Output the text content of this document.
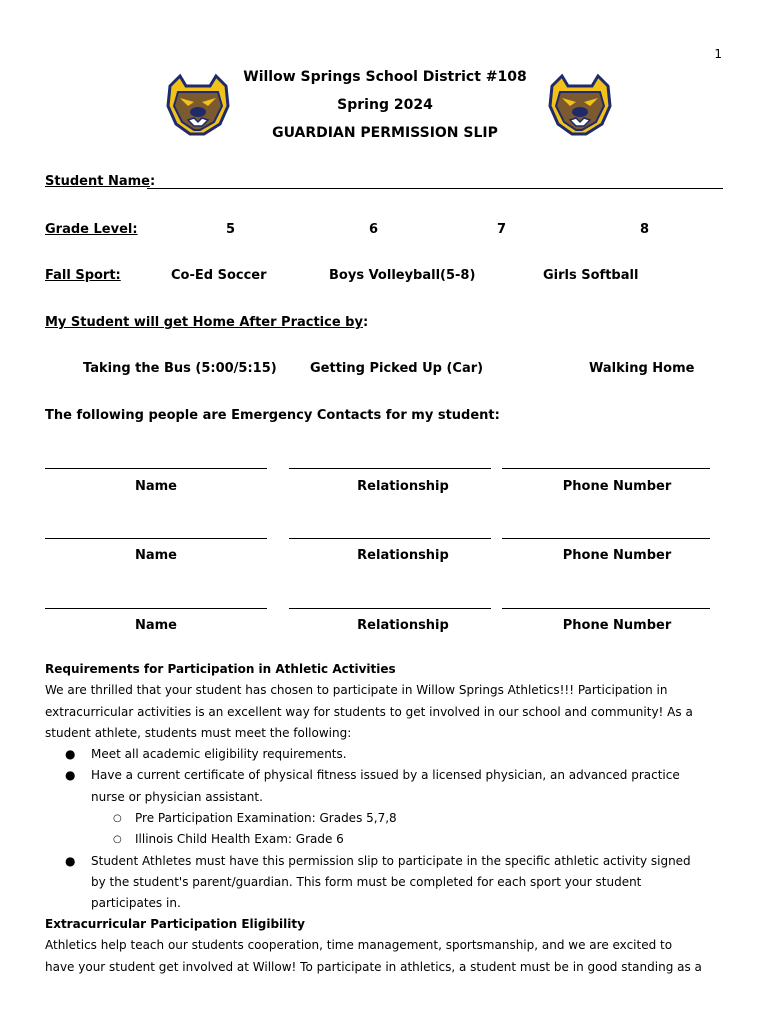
1
Willow Springs School District #108
Spring 2024
GUARDIAN PERMISSION SLIP
Student Name:
Grade Level:	5	6	7	8
Fall Sport:	Co-Ed Soccer	Boys Volleyball(5-8)	Girls Softball
My Student will get Home After Practice by:
Taking the Bus (5:00/5:15)	Getting Picked Up (Car)	Walking Home
The following people are Emergency Contacts for my student:
Name	Relationship	Phone Number
Name	Relationship	Phone Number
Name	Relationship	Phone Number
Requirements for Participation in Athletic Activities

We are thrilled that your student has chosen to participate in Willow Springs Athletics!!! Participation in extracurricular activities is an excellent way for students to get involved in our school and community! As a student athlete, students must meet the following:

● Meet all academic eligibility requirements.
● Have a current certificate of physical fitness issued by a licensed physician, an advanced practice nurse or physician assistant.
○ Pre Participation Examination: Grades 5,7,8
○ Illinois Child Health Exam: Grade 6
● Student Athletes must have this permission slip to participate in the specific athletic activity signed by the student's parent/guardian. This form must be completed for each sport your student participates in.
Extracurricular Participation Eligibility

Athletics help teach our students cooperation, time management, sportsmanship, and we are excited to have your student get involved at Willow! To participate in athletics, a student must be in good standing as a
